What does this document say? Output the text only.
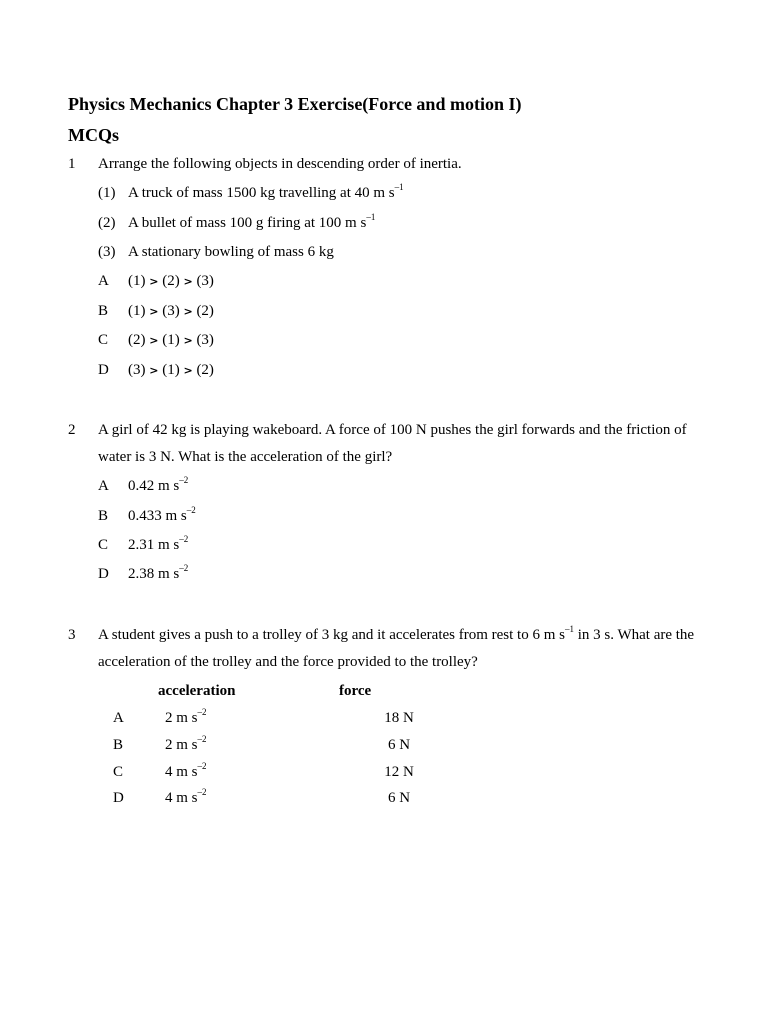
Physics Mechanics Chapter 3 Exercise(Force and motion I)
MCQs
1 Arrange the following objects in descending order of inertia.
(1) A truck of mass 1500 kg travelling at 40 m $s^{-1}$
(2) A bullet of mass 100 g firing at 100 m $s^{-1}$
(3) A stationary bowling of mass 6 kg
A (1) > (2) > (3)
B (1) > (3) > (2)
C (2) > (1) > (3)
D (3) > (1) > (2)
2 A girl of 42 kg is playing wakeboard. A force of 100 N pushes the girl forwards and the friction of
water is 3 N. What is the acceleration of the girl?
A 0.42 m $s^{-2}$
B 0.433 m $s^{-2}$
C 2.31 m $s^{-2}$
D 2.38 m $s^{-2}$
3 A student gives a push to a trolley of 3 kg and it accelerates from rest to 6 m $s^{-1}$ in 3 s. What are the
acceleration of the trolley and the force provided to the trolley?
acceleration	force
A	2 m $s^{-2}$	18 N
B	2 m $s^{-2}$	6 N
C	4 m $s^{-2}$	12 N
D	4 m $s^{-2}$	6 N
